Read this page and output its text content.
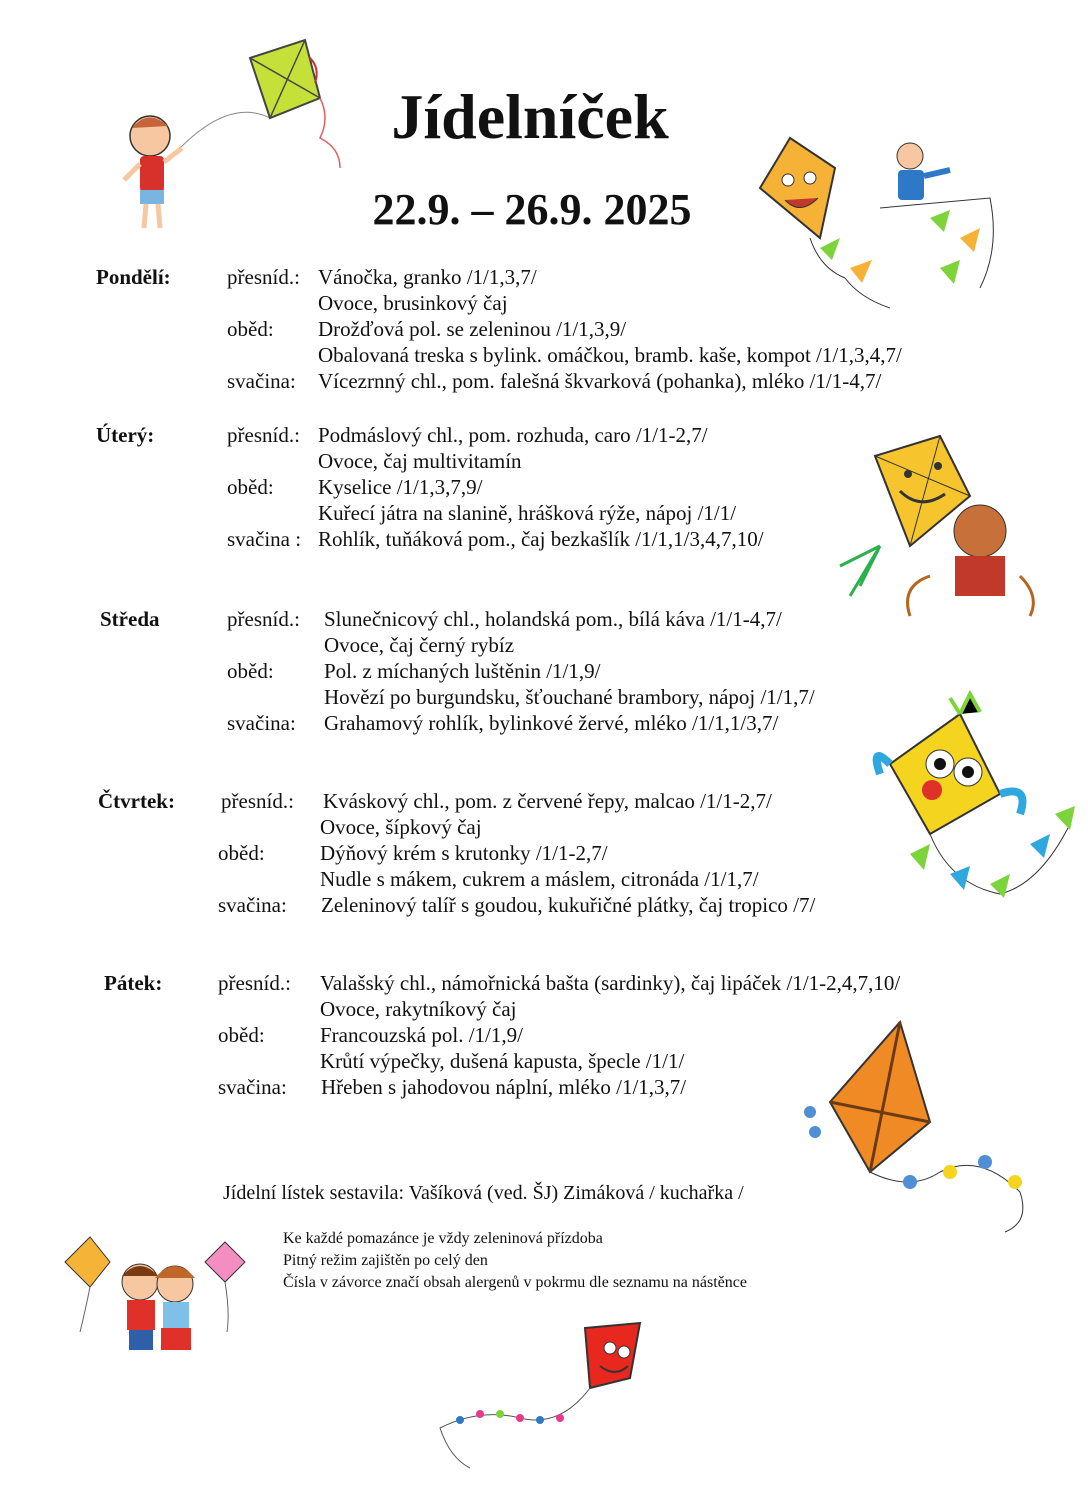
Jídelníček
22.9. – 26.9. 2025
Pondělí:	přesníd.: Vánočka, granko /1/1,3,7/
Ovoce, brusinkový čaj
oběd: Drožďová pol. se zeleninou /1/1,3,9/
Obalovaná treska s bylink. omáčkou, bramb. kaše, kompot /1/1,3,4,7/
svačina: Vícezrnný chl., pom. falešná škvarková (pohanka), mléko /1/1-4,7/
Úterý:	přesníd.: Podmáslový chl., pom. rozhuda, caro /1/1-2,7/
Ovoce, čaj multivitamín
oběd: Kyselice /1/1,3,7,9/
Kuřecí játra na slanině, hrášková rýže, nápoj /1/1/
svačina : Rohlík, tuňáková pom., čaj bezkašlík /1/1,1/3,4,7,10/
Středa	přesníd.: Slunečnicový chl., holandská pom., bílá káva /1/1-4,7/
Ovoce, čaj černý rybíz
oběd: Pol. z míchaných luštěnin /1/1,9/
Hovězí po burgundsku, šťouchané brambory, nápoj /1/1,7/
svačina: Grahamový rohlík, bylinkové žervé, mléko /1/1,1/3,7/
Čtvrtek: přesníd.: Kváskový chl., pom. z červené řepy, malcao /1/1-2,7/
Ovoce, šípkový čaj
oběd:	Dýňový krém s krutonky /1/1-2,7/
Nudle s mákem, cukrem a máslem, citronáda /1/1,7/
svačina: Zeleninový talíř s goudou, kukuřičné plátky, čaj tropico /7/
Pátek:	přesníd.: Valašský chl., námořnická bašta (sardinky), čaj lipáček /1/1-2,4,7,10/
Ovoce, rakytníkový čaj
oběd:	Francouzská pol. /1/1,9/
Krůtí výpečky, dušená kapusta, špecle /1/1/
svačina: Hřeben s jahodovou náplní, mléko /1/1,3,7/
Jídelní lístek sestavila: Vašíková (ved. ŠJ) Zimáková / kuchařka /
Ke každé pomazánce je vždy zeleninová přízdoba
Pitný režim zajištěn po celý den
Čísla v závorce značí obsah alergenů v pokrmu dle seznamu na nástěnce
